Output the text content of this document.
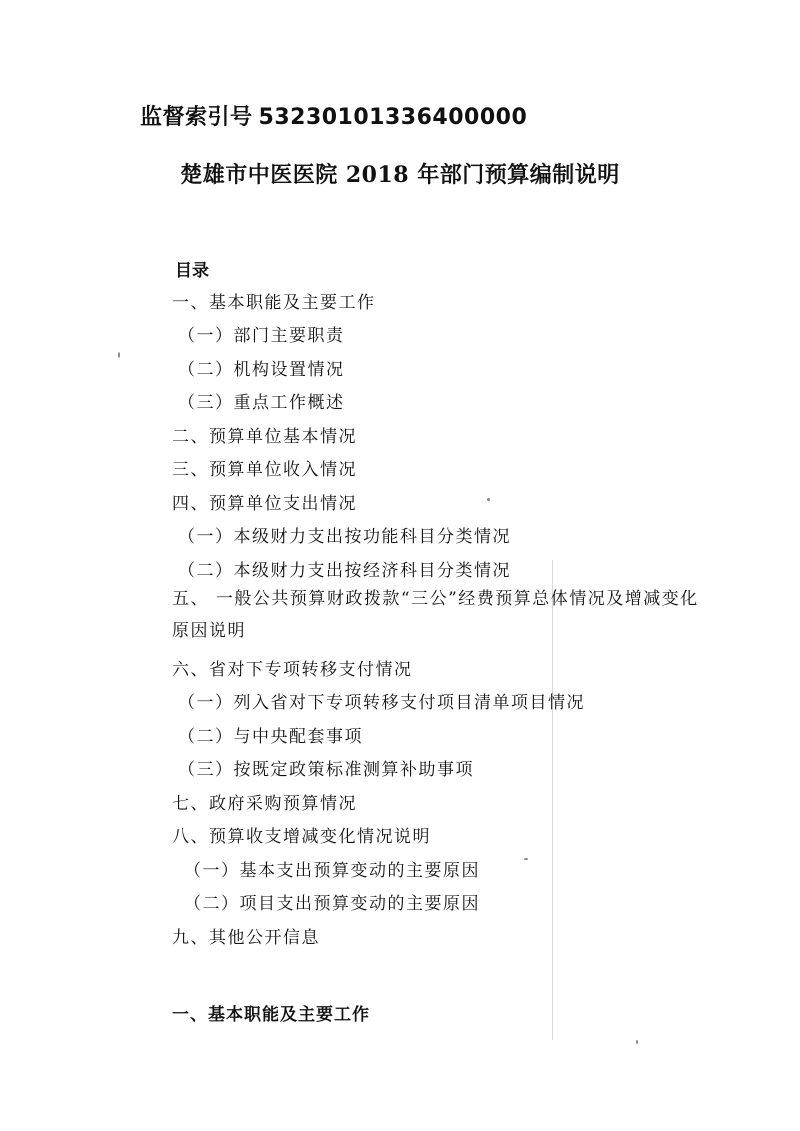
监督索引号 53230101336400000
楚雄市中医医院 2018 年部门预算编制说明
目录
一、基本职能及主要工作
（一）部门主要职责
（二）机构设置情况
（三）重点工作概述
二、预算单位基本情况
三、预算单位收入情况
四、预算单位支出情况
（一）本级财力支出按功能科目分类情况
（二）本级财力支出按经济科目分类情况
五、 一般公共预算财政拨款“三公”经费预算总体情况及增减变化原因说明
六、省对下专项转移支付情况
（一）列入省对下专项转移支付项目清单项目情况
（二）与中央配套事项
（三）按既定政策标准测算补助事项
七、政府采购预算情况
八、预算收支增减变化情况说明
（一）基本支出预算变动的主要原因
（二）项目支出预算变动的主要原因
九、其他公开信息
一、基本职能及主要工作
